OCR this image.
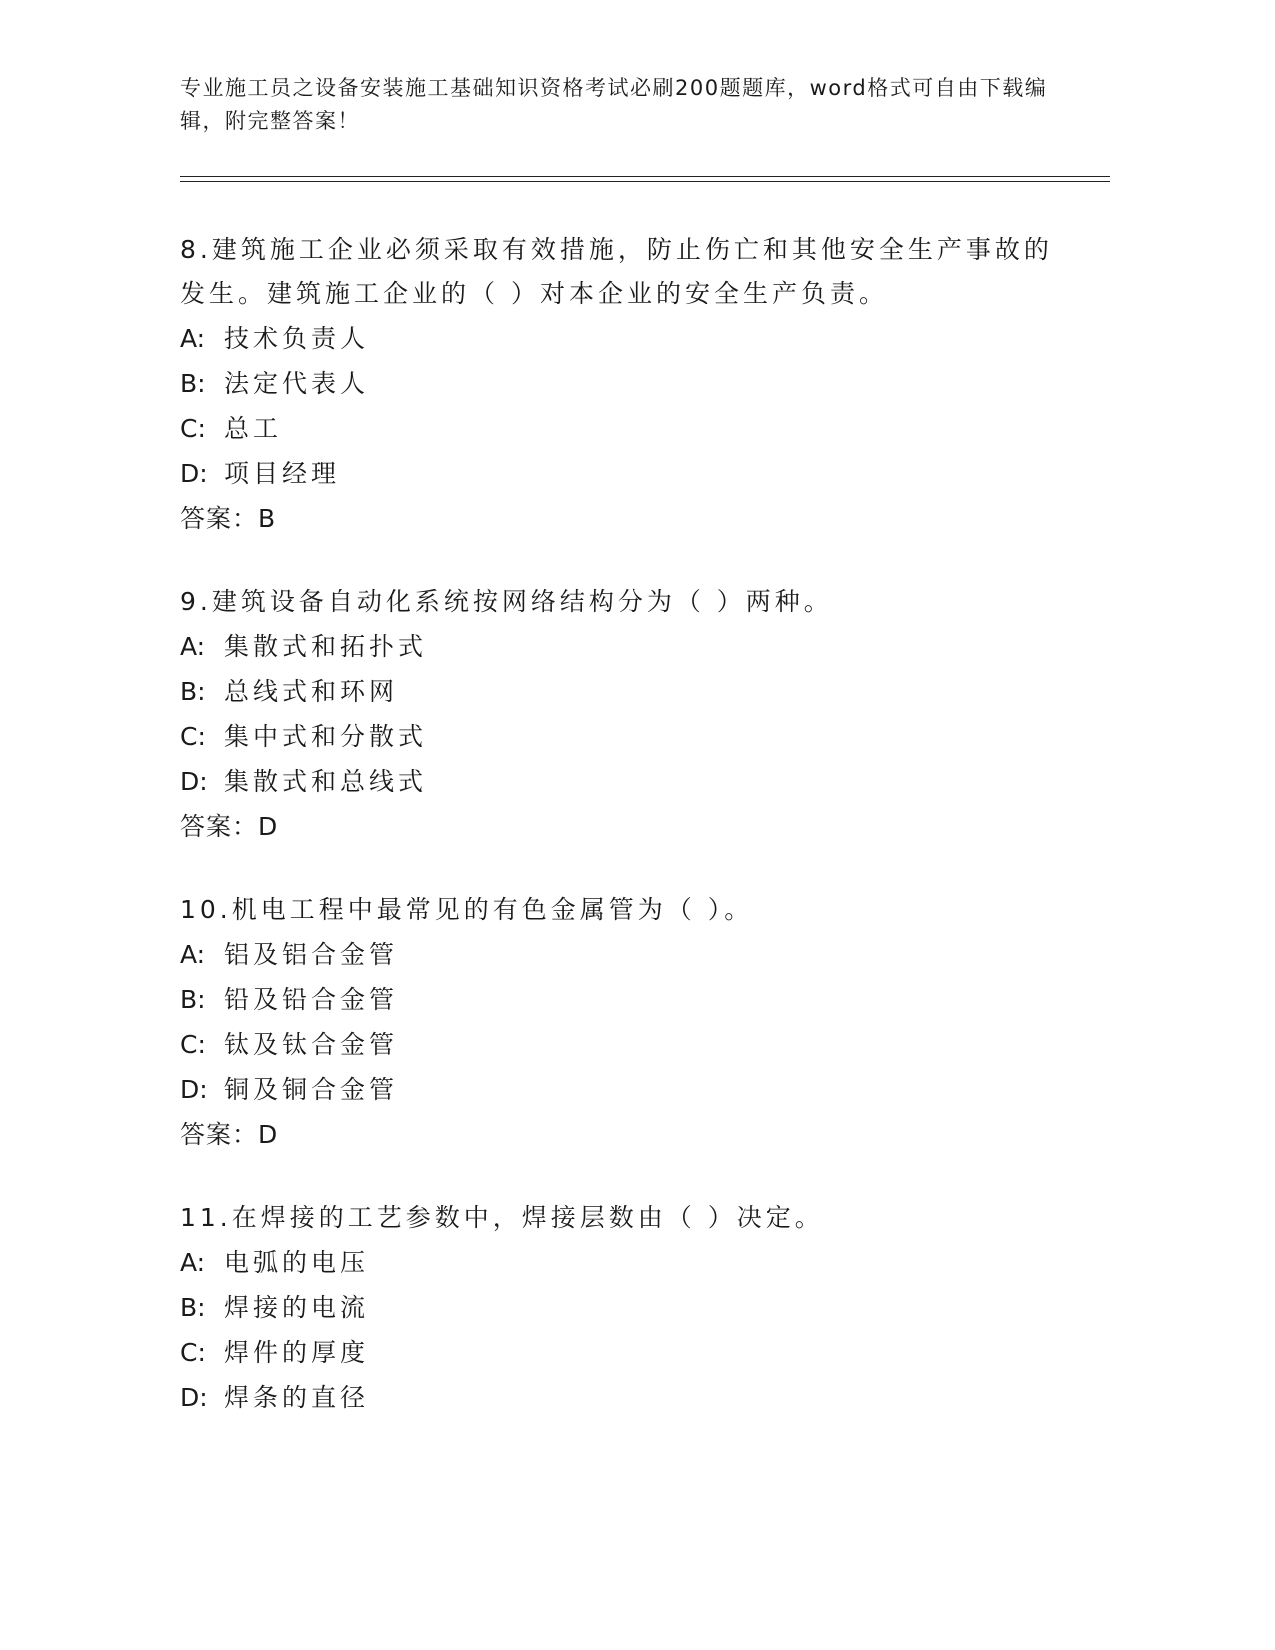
专业施工员之设备安装施工基础知识资格考试必刷200题题库，word格式可自由下载编辑，附完整答案！

8.建筑施工企业必须采取有效措施，防止伤亡和其他安全生产事故的发生。建筑施工企业的（ ）对本企业的安全生产负责。

A: 技术负责人

B: 法定代表人

C: 总工

D: 项目经理

答案：B

9.建筑设备自动化系统按网络结构分为（ ）两种。

A: 集散式和拓扑式

B: 总线式和环网

C: 集中式和分散式

D: 集散式和总线式

答案：D

10.机电工程中最常见的有色金属管为（ ）。

A: 铝及铝合金管

B: 铅及铅合金管

C: 钛及钛合金管

D: 铜及铜合金管

答案：D

11.在焊接的工艺参数中，焊接层数由（ ）决定。

A: 电弧的电压

B: 焊接的电流

C: 焊件的厚度

D: 焊条的直径
